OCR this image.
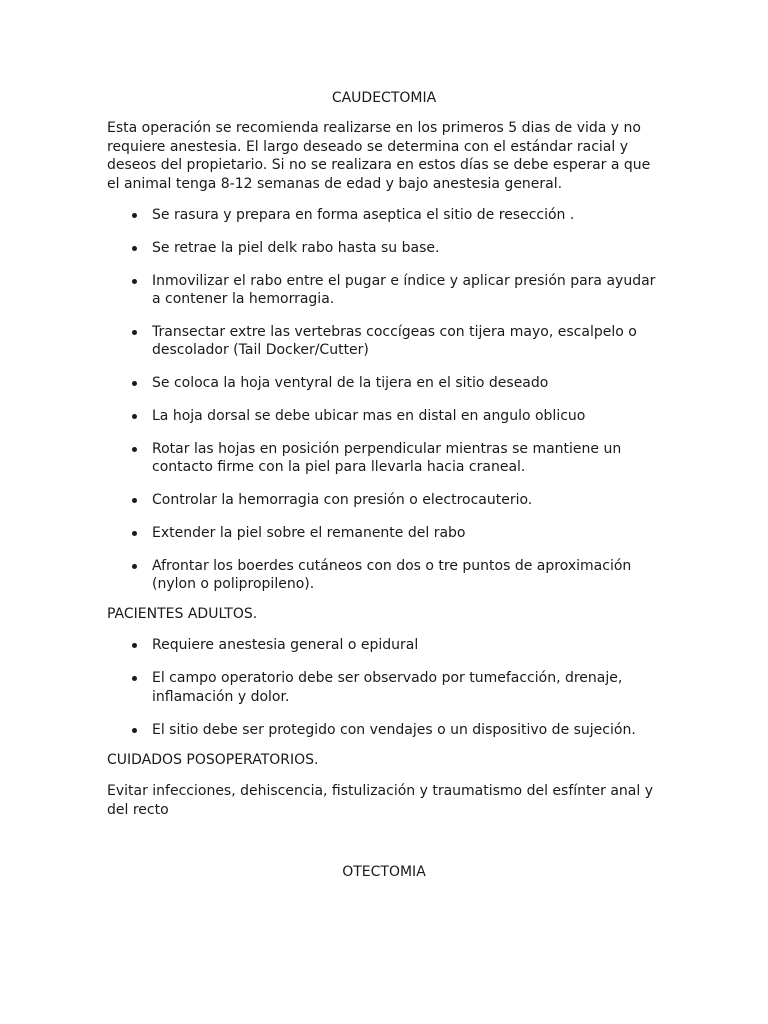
CAUDECTOMIA

Esta operación se recomienda realizarse en los primeros 5 dias de vida y no requiere anestesia. El largo deseado se determina con el estándar racial y deseos del propietario. Si no se realizara en estos días se debe esperar a que el animal tenga 8-12 semanas de edad y bajo anestesia general.

Se rasura y prepara en forma aseptica el sitio de resección .
Se retrae la piel delk rabo hasta su base.
Inmovilizar el rabo entre el pugar e índice y aplicar presión para ayudar a contener la hemorragia.
Transectar extre las vertebras coccígeas con tijera mayo, escalpelo o descolador (Tail Docker/Cutter)
Se coloca la hoja ventyral de la tijera en el sitio deseado
La hoja dorsal se debe ubicar mas en distal en angulo oblicuo
Rotar las hojas en posición perpendicular mientras se mantiene un contacto firme con la piel para llevarla hacia craneal.
Controlar la hemorragia con presión o electrocauterio.
Extender la piel sobre el remanente del rabo
Afrontar los boerdes cutáneos con dos o tre puntos de aproximación (nylon o polipropileno).

PACIENTES ADULTOS.

Requiere anestesia general o epidural
El campo operatorio debe ser observado por tumefacción, drenaje, inflamación y dolor.
El sitio debe ser protegido con vendajes o un dispositivo de sujeción.

CUIDADOS POSOPERATORIOS.

Evitar infecciones, dehiscencia, fistulización y traumatismo del esfínter anal y del recto

OTECTOMIA
